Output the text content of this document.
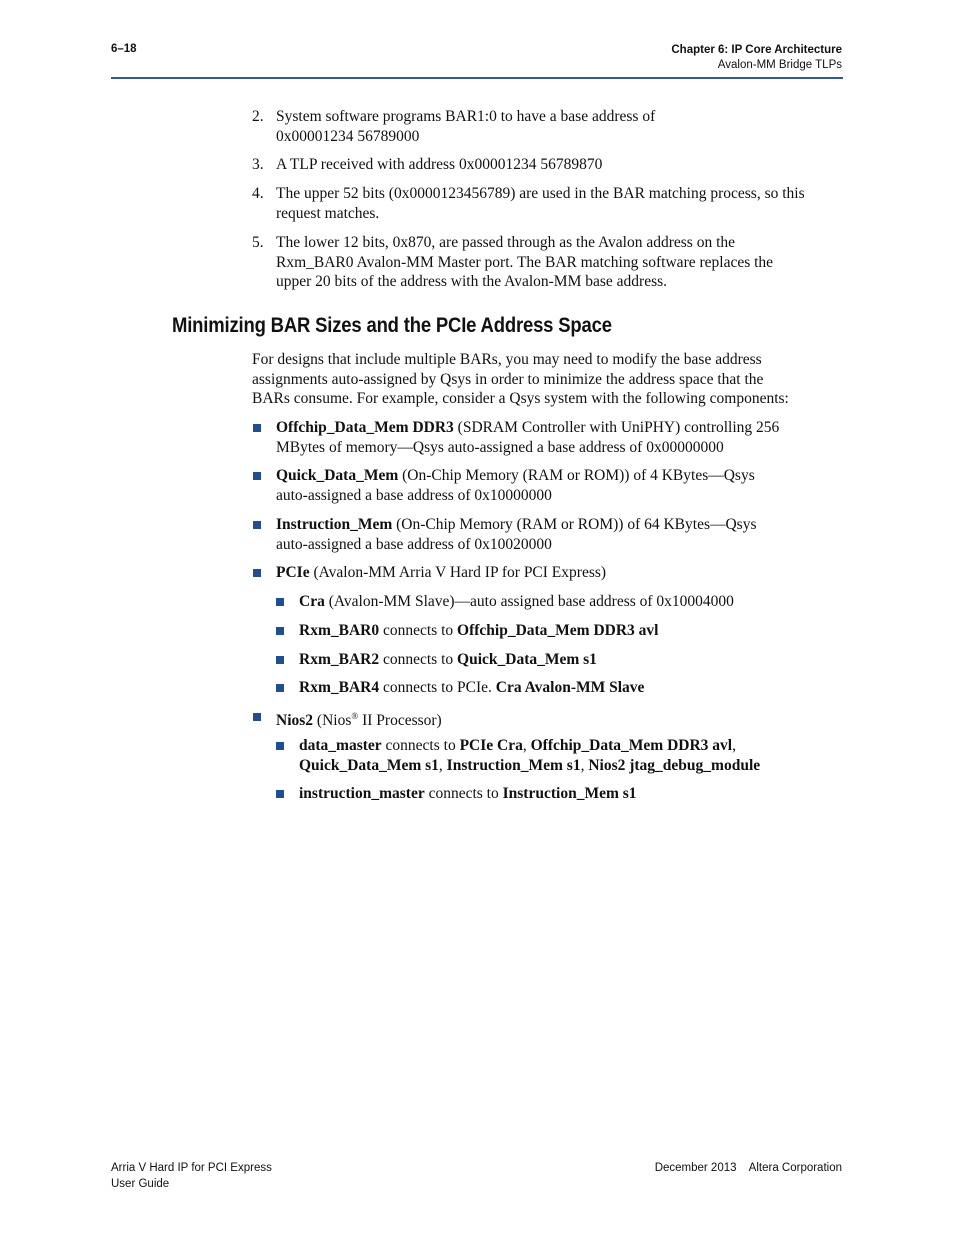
6–18	Chapter 6: IP Core Architecture
Avalon-MM Bridge TLPs
2. System software programs BAR1:0 to have a base address of
0x00001234 56789000
3. A TLP received with address 0x00001234 56789870
4. The upper 52 bits (0x0000123456789) are used in the BAR matching process, so this
request matches.
5. The lower 12 bits, 0x870, are passed through as the Avalon address on the
Rxm_BAR0 Avalon-MM Master port. The BAR matching software replaces the
upper 20 bits of the address with the Avalon-MM base address.
Minimizing BAR Sizes and the PCIe Address Space
For designs that include multiple BARs, you may need to modify the base address
assignments auto-assigned by Qsys in order to minimize the address space that the
BARs consume. For example, consider a Qsys system with the following components:
Offchip_Data_Mem DDR3 (SDRAM Controller with UniPHY) controlling 256
MBytes of memory—Qsys auto-assigned a base address of 0x00000000
Quick_Data_Mem (On-Chip Memory (RAM or ROM)) of 4 KBytes—Qsys
auto-assigned a base address of 0x10000000
Instruction_Mem (On-Chip Memory (RAM or ROM)) of 64 KBytes—Qsys
auto-assigned a base address of 0x10020000
PCIe (Avalon-MM Arria V Hard IP for PCI Express)
Cra (Avalon-MM Slave)—auto assigned base address of 0x10004000
Rxm_BAR0 connects to Offchip_Data_Mem DDR3 avl
Rxm_BAR2 connects to Quick_Data_Mem s1
Rxm_BAR4 connects to PCIe. Cra Avalon-MM Slave
Nios2 (Nios® II Processor)
data_master connects to PCIe Cra, Offchip_Data_Mem DDR3 avl,
Quick_Data_Mem s1, Instruction_Mem s1, Nios2 jtag_debug_module
instruction_master connects to Instruction_Mem s1
Arria V Hard IP for PCI Express
User Guide
December 2013 Altera Corporation
